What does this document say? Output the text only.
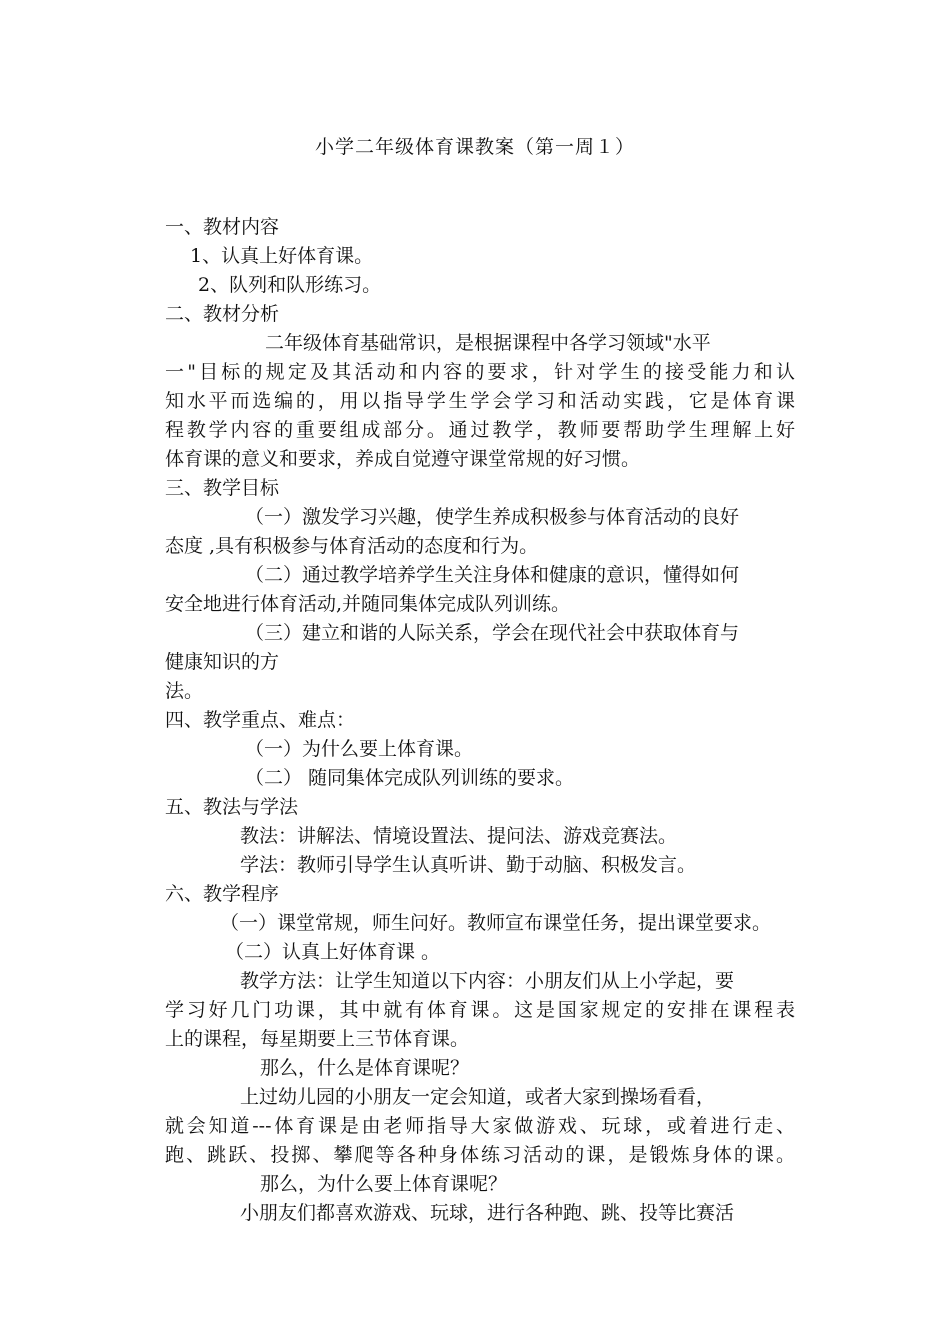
小学二年级体育课教案（第一周１）
一、教材内容
1、认真上好体育课。
2、队列和队形练习。
二、教材分析
二年级体育基础常识，是根据课程中各学习领域"水平
一"目标的规定及其活动和内容的要求，针对学生的接受能力和认
知水平而选编的，用以指导学生学会学习和活动实践，它是体育课
程教学内容的重要组成部分。通过教学，教师要帮助学生理解上好
体育课的意义和要求，养成自觉遵守课堂常规的好习惯。
三、教学目标
（一）激发学习兴趣，使学生养成积极参与体育活动的良好
态度 ,具有积极参与体育活动的态度和行为。
（二）通过教学培养学生关注身体和健康的意识，懂得如何
安全地进行体育活动,并随同集体完成队列训练。
（三）建立和谐的人际关系，学会在现代社会中获取体育与
健康知识的方
法。
四、教学重点、难点：
（一）为什么要上体育课。
（二） 随同集体完成队列训练的要求。
五、教法与学法
教法：讲解法、情境设置法、提问法、游戏竞赛法。
学法：教师引导学生认真听讲、勤于动脑、积极发言。
六、教学程序
（一）课堂常规，师生问好。教师宣布课堂任务，提出课堂要求。
（二）认真上好体育课 。
教学方法：让学生知道以下内容：小朋友们从上小学起，要
学习好几门功课，其中就有体育课。这是国家规定的安排在课程表
上的课程，每星期要上三节体育课。
那么，什么是体育课呢？
上过幼儿园的小朋友一定会知道，或者大家到操场看看，
就会知道---体育课是由老师指导大家做游戏、玩球，或着进行走、
跑、跳跃、投掷、攀爬等各种身体练习活动的课，是锻炼身体的课。
那么，为什么要上体育课呢？
小朋友们都喜欢游戏、玩球，进行各种跑、跳、投等比赛活
